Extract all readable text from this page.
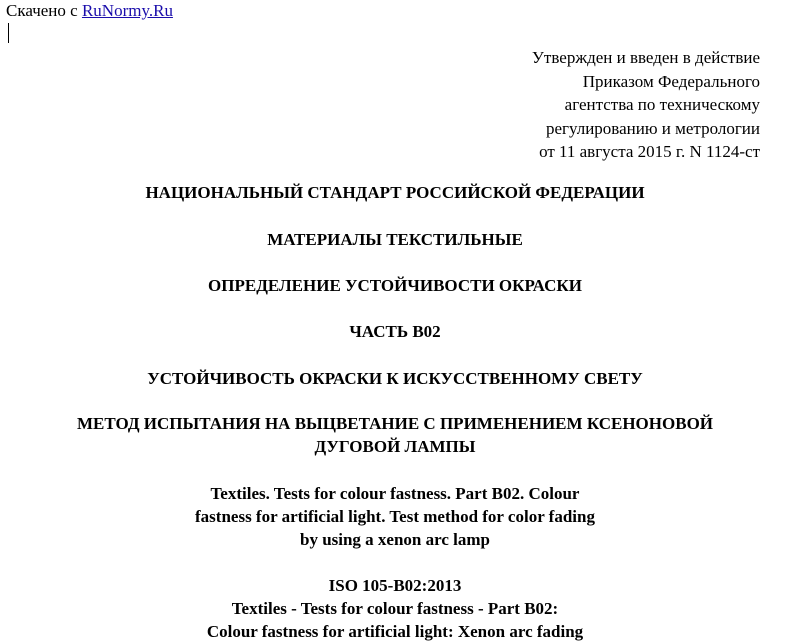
Скачено с RuNormy.Ru
Утвержден и введен в действие
Приказом Федерального
агентства по техническому
регулированию и метрологии
от 11 августа 2015 г. N 1124-ст
НАЦИОНАЛЬНЫЙ СТАНДАРТ РОССИЙСКОЙ ФЕДЕРАЦИИ
МАТЕРИАЛЫ ТЕКСТИЛЬНЫЕ
ОПРЕДЕЛЕНИЕ УСТОЙЧИВОСТИ ОКРАСКИ
ЧАСТЬ В02
УСТОЙЧИВОСТЬ ОКРАСКИ К ИСКУССТВЕННОМУ СВЕТУ
МЕТОД ИСПЫТАНИЯ НА ВЫЦВЕТАНИЕ С ПРИМЕНЕНИЕМ КСЕНОНОВОЙ
ДУГОВОЙ ЛАМПЫ
Textiles. Tests for colour fastness. Part B02. Colour
fastness for artificial light. Test method for color fading
by using a xenon arc lamp
ISO 105-B02:2013
Textiles - Tests for colour fastness - Part B02:
Colour fastness for artificial light: Xenon arc fading
